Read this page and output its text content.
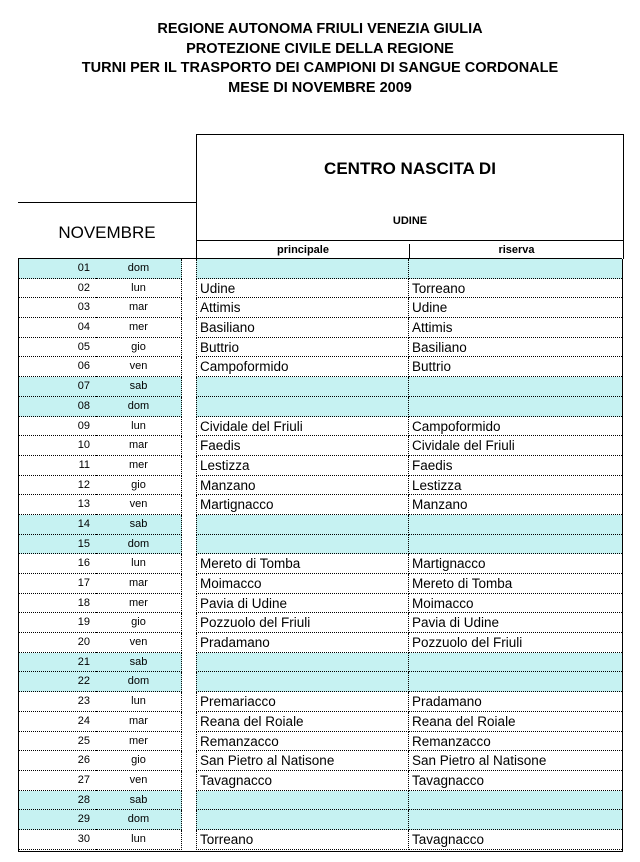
REGIONE AUTONOMA FRIULI VENEZIA GIULIA
PROTEZIONE CIVILE DELLA REGIONE
TURNI PER IL TRASPORTO DEI CAMPIONI DI SANGUE CORDONALE
MESE DI NOVEMBRE 2009
CENTRO NASCITA DI
UDINE
principale	riserva
NOVEMBRE
01	dom
02	lun	Udine	Torreano
03	mar	Attimis	Udine
04	mer	Basiliano	Attimis
05	gio	Buttrio	Basiliano
06	ven	Campoformido	Buttrio
07	sab
08	dom
09	lun	Cividale del Friuli	Campoformido
10	mar	Faedis	Cividale del Friuli
11	mer	Lestizza	Faedis
12	gio	Manzano	Lestizza
13	ven	Martignacco	Manzano
14	sab
15	dom
16	lun	Mereto di Tomba	Martignacco
17	mar	Moimacco	Mereto di Tomba
18	mer	Pavia di Udine	Moimacco
19	gio	Pozzuolo del Friuli	Pavia di Udine
20	ven	Pradamano	Pozzuolo del Friuli
21	sab
22	dom
23	lun	Premariacco	Pradamano
24	mar	Reana del Roiale	Reana del Roiale
25	mer	Remanzacco	Remanzacco
26	gio	San Pietro al Natisone	San Pietro al Natisone
27	ven	Tavagnacco	Tavagnacco
28	sab
29	dom
30	lun	Torreano	Tavagnacco
